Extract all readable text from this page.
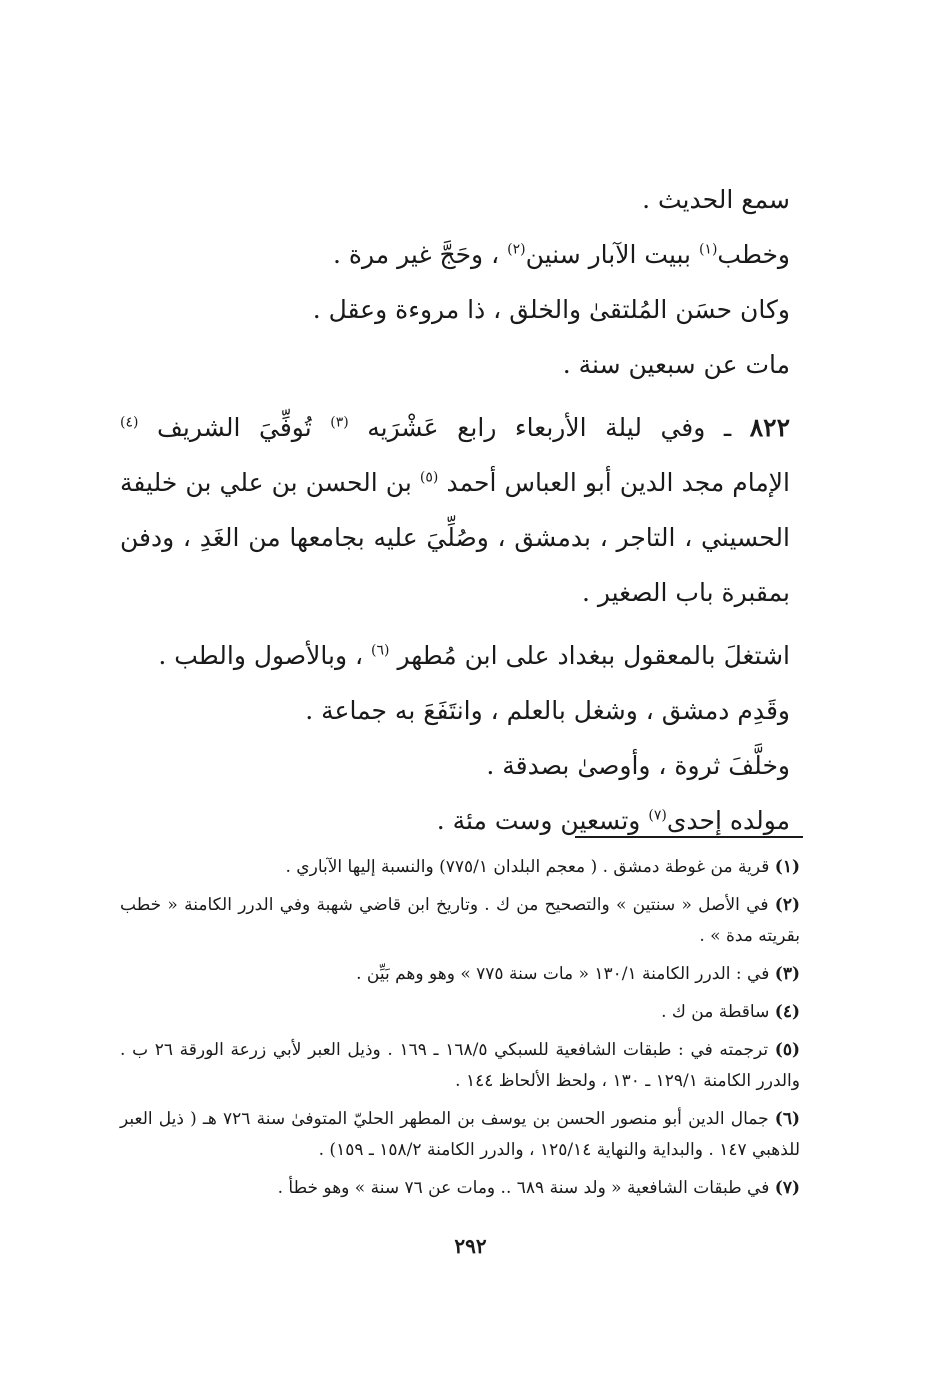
سمع الحديث .

وخطب$^{(١)}$ ببيت الآبار سنين$^{(٢)}$ ، وحَجَّ غير مرة .

وكان حسَن المُلتقىٰ والخلق ، ذا مروءة وعقل .

مات عن سبعين سنة .

٨٢٢ ـ وفي ليلة الأربعاء رابع عَشْرَيه $^{(٣)}$ تُوفِّيَ الشريف $^{(٤)}$

الإمام مجد الدين أبو العباس أحمد $^{(٥)}$ بن الحسن بن علي بن خليفة

الحسيني ، التاجر ، بدمشق ، وصُلِّيَ عليه بجامعها من الغَدِ ، ودفن

بمقبرة باب الصغير .

اشتغلَ بالمعقول ببغداد على ابن مُطهر $^{(٦)}$ ، وبالأصول والطب .

وقَدِم دمشق ، وشغل بالعلم ، وانتَفَعَ به جماعة .

وخلَّفَ ثروة ، وأوصىٰ بصدقة .

مولده إحدى$^{(٧)}$ وتسعين وست مئة .

(١) قرية من غوطة دمشق . ( معجم البلدان ٧٧٥/١) والنسبة إليها الآباري .

(٢) في الأصل « سنتين » والتصحيح من ك . وتاريخ ابن قاضي شهبة وفي الدرر الكامنة « خطب بقريته مدة » .

(٣) في : الدرر الكامنة ١٣٠/١ « مات سنة ٧٧٥ » وهو وهم بَيِّن .

(٤) ساقطة من ك .

(٥) ترجمته في : طبقات الشافعية للسبكي ١٦٨/٥ ـ ١٦٩ . وذيل العبر لأبي زرعة الورقة ٢٦ ب . والدرر الكامنة ١٢٩/١ ـ ١٣٠ ، ولحظ الألحاظ ١٤٤ .

(٦) جمال الدين أبو منصور الحسن بن يوسف بن المطهر الحليّ المتوفىٰ سنة ٧٢٦ هـ ( ذيل العبر للذهبي ١٤٧ . والبداية والنهاية ١٢٥/١٤ ، والدرر الكامنة ١٥٨/٢ ـ ١٥٩) .

(٧) في طبقات الشافعية « ولد سنة ٦٨٩ .. ومات عن ٧٦ سنة » وهو خطأ .

٢٩٢
